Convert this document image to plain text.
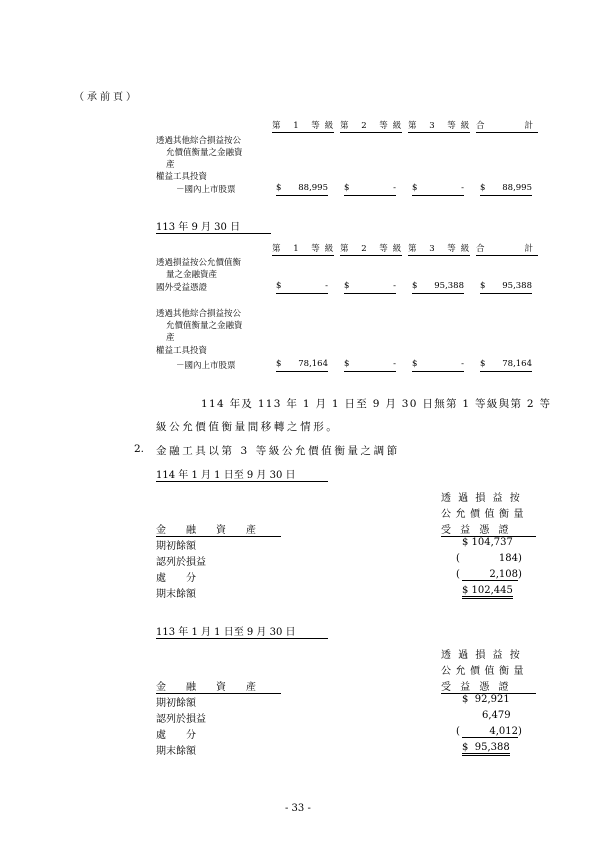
（承前頁）
第 1 等級 第 2 等級 第 3 等級 合	計
透過其他綜合損益按公
允價值衡量之金融資
產
權益工具投資
－國內上市股票	$ 88,995 $	- $	- $ 88,995
113 年 9 月 30 日
第 1 等級 第 2 等級 第 3 等級 合	計
透過損益按公允價值衡
量之金融資產
國外受益憑證	$	- $	- $ 95,388 $ 95,388
透過其他綜合損益按公
允價值衡量之金融資
產
權益工具投資
－國內上市股票	$ 78,164 $	- $	- $ 78,164
114 年及 113 年 1 月 1 日至 9 月 30 日無第 1 等級與第 2 等
級公允價值衡量間移轉之情形。
2. 金融工具以第 3 等級公允價值衡量之調節
114 年 1 月 1 日至 9 月 30 日
透 過 損 益 按
公允價值衡量
受 益 憑 證
金　　融　　資　　產
期初餘額	$ 104,737
認列於損益	(	184 )
處　　分	(	2,108 )
期末餘額	$ 102,445
113 年 1 月 1 日至 9 月 30 日
透 過 損 益 按
公允價值衡量
受 益 憑 證
金　　融　　資　　產
期初餘額	$  92,921
認列於損益	6,479
處　　分	(	4,012 )
期末餘額	$  95,388
- 33 -
